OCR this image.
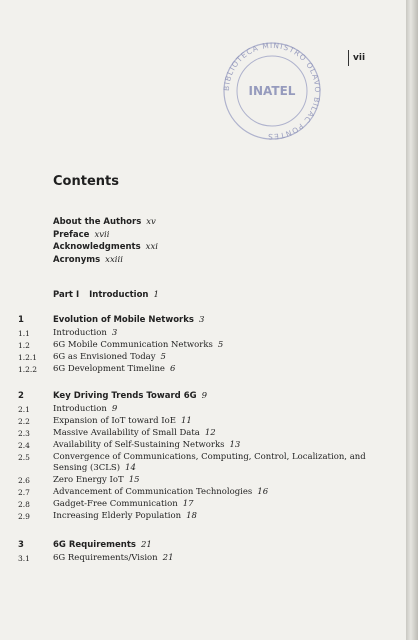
vii
BIBLIOTECA MINISTRO OLAVO BILAC PONTES
INATEL
Contents
About the Authors xv
Preface xvii
Acknowledgments xxi
Acronyms xxiii
Part I Introduction 1
1	Evolution of Mobile Networks 3
1.1	Introduction 3
1.2	6G Mobile Communication Networks 5
1.2.1	6G as Envisioned Today 5
1.2.2	6G Development Timeline 6
2	Key Driving Trends Toward 6G 9
2.1	Introduction 9
2.2	Expansion of IoT toward IoE 11
2.3	Massive Availability of Small Data 12
2.4	Availability of Self-Sustaining Networks 13
2.5	Convergence of Communications, Computing, Control, Localization, and Sensing (3CLS) 14
2.6	Zero Energy IoT 15
2.7	Advancement of Communication Technologies 16
2.8	Gadget-Free Communication 17
2.9	Increasing Elderly Population 18
3	6G Requirements 21
3.1	6G Requirements/Vision 21
